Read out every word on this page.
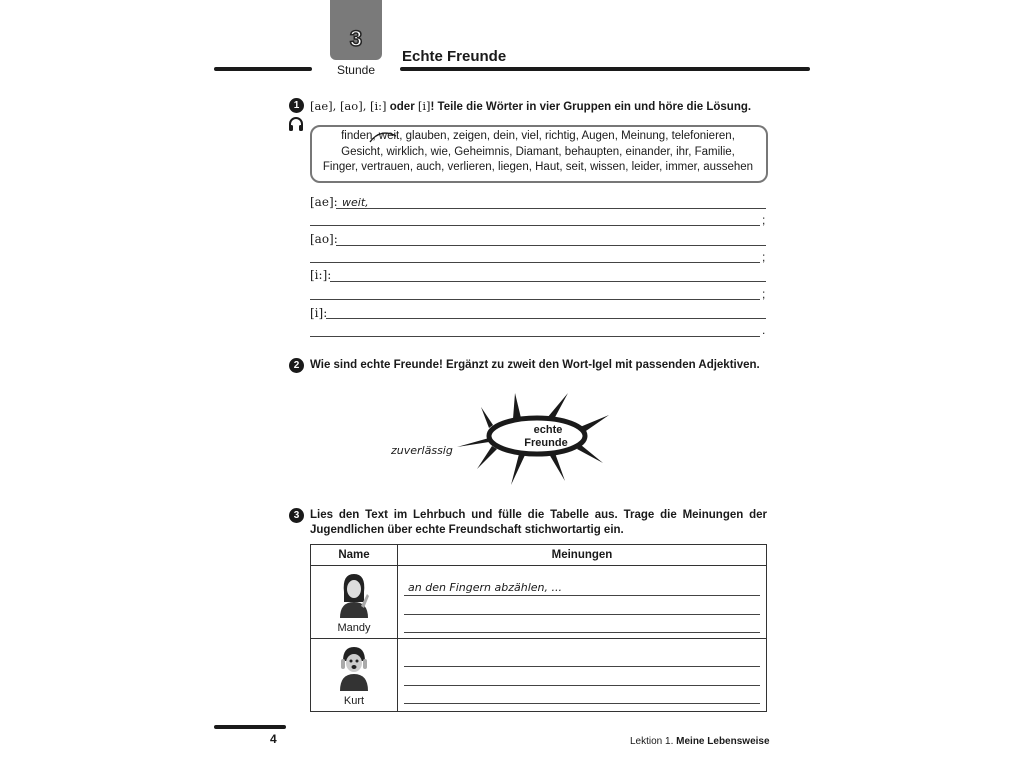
3
Stunde
Echte Freunde
1 [ae], [ao], [i:] oder [i]! Teile die Wörter in vier Gruppen ein und höre die Lösung.
finden, weit, glauben, zeigen, dein, viel, richtig, Augen, Meinung, telefonieren,
Gesicht, wirklich, wie, Geheimnis, Diamant, behaupten, einander, ihr, Familie,
Finger, vertrauen, auch, verlieren, liegen, Haut, seit, wissen, leider, immer, aussehen
[ae]: weit,
;
[ao]:
;
[i:]:
;
[i]:
.
2 Wie sind echte Freunde! Ergänzt zu zweit den Wort-Igel mit passenden Adjektiven.
echte
Freunde
zuverlässig
3 Lies den Text im Lehrbuch und fülle die Tabelle aus. Trage die Meinungen der
Jugendlichen über echte Freundschaft stichwortartig ein.
Name	Meinungen

Mandy	an den Fingern abzählen, ...

Kurt	

4	Lektion 1. Meine Lebensweise
